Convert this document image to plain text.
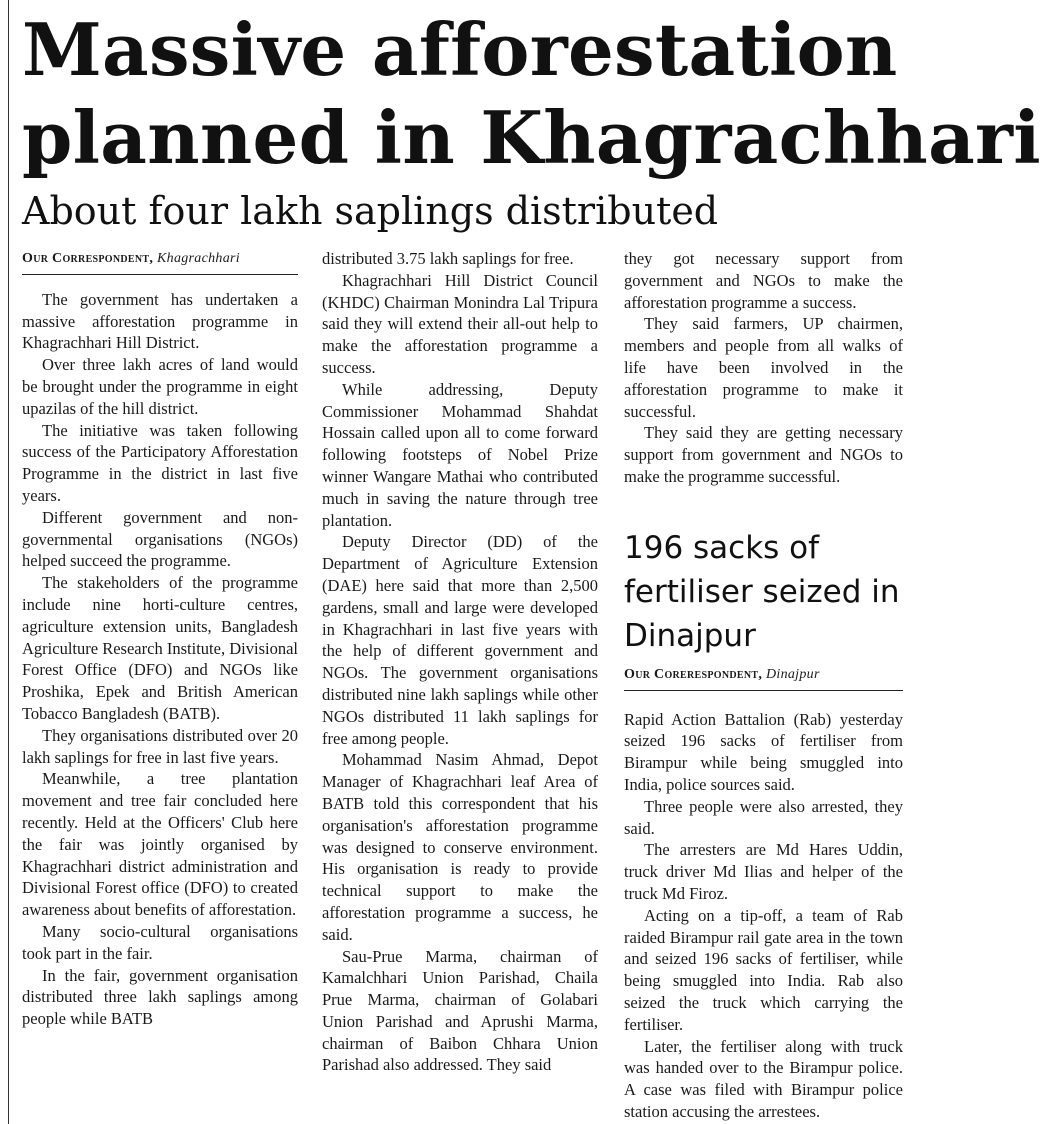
Massive afforestation
planned in Khagrachhari
About four lakh saplings distributed
Our Correspondent, Khagrachhari

The government has undertaken a massive afforestation programme in Khagrachhari Hill District.

Over three lakh acres of land would be brought under the programme in eight upazilas of the hill district.

The initiative was taken following success of the Participatory Afforestation Programme in the district in last five years.

Different government and non-governmental organisations (NGOs) helped succeed the programme.

The stakeholders of the programme include nine horti-culture centres, agriculture extension units, Bangladesh Agriculture Research Institute, Divisional Forest Office (DFO) and NGOs like Proshika, Epek and British American Tobacco Bangladesh (BATB).

They organisations distributed over 20 lakh saplings for free in last five years.

Meanwhile, a tree plantation movement and tree fair concluded here recently. Held at the Officers' Club here the fair was jointly organised by Khagrachhari district administration and Divisional Forest office (DFO) to created awareness about benefits of afforestation.

Many socio-cultural organisations took part in the fair.

In the fair, government organisation distributed three lakh saplings among people while BATB

distributed 3.75 lakh saplings for free.

Khagrachhari Hill District Council (KHDC) Chairman Monindra Lal Tripura said they will extend their all-out help to make the afforestation programme a success.

While addressing, Deputy Commissioner Mohammad Shahdat Hossain called upon all to come forward following footsteps of Nobel Prize winner Wangare Mathai who contributed much in saving the nature through tree plantation.

Deputy Director (DD) of the Department of Agriculture Extension (DAE) here said that more than 2,500 gardens, small and large were developed in Khagrachhari in last five years with the help of different government and NGOs. The government organisations distributed nine lakh saplings while other NGOs distributed 11 lakh saplings for free among people.

Mohammad Nasim Ahmad, Depot Manager of Khagrachhari leaf Area of BATB told this correspondent that his organisation's afforestation programme was designed to conserve environment. His organisation is ready to provide technical support to make the afforestation programme a success, he said.

Sau-Prue Marma, chairman of Kamalchhari Union Parishad, Chaila Prue Marma, chairman of Golabari Union Parishad and Aprushi Marma, chairman of Baibon Chhara Union Parishad also addressed. They said

they got necessary support from government and NGOs to make the afforestation programme a success.

They said farmers, UP chairmen, members and people from all walks of life have been involved in the afforestation programme to make it successful.

They said they are getting necessary support from government and NGOs to make the programme successful.

196 sacks of fertiliser seized in Dinajpur
Our Corerespondent, Dinajpur

Rapid Action Battalion (Rab) yesterday seized 196 sacks of fertiliser from Birampur while being smuggled into India, police sources said.

Three people were also arrested, they said.

The arresters are Md Hares Uddin, truck driver Md Ilias and helper of the truck Md Firoz.

Acting on a tip-off, a team of Rab raided Birampur rail gate area in the town and seized 196 sacks of fertiliser, while being smuggled into India. Rab also seized the truck which carrying the fertiliser.

Later, the fertiliser along with truck was handed over to the Birampur police. A case was filed with Birampur police station accusing the arrestees.
